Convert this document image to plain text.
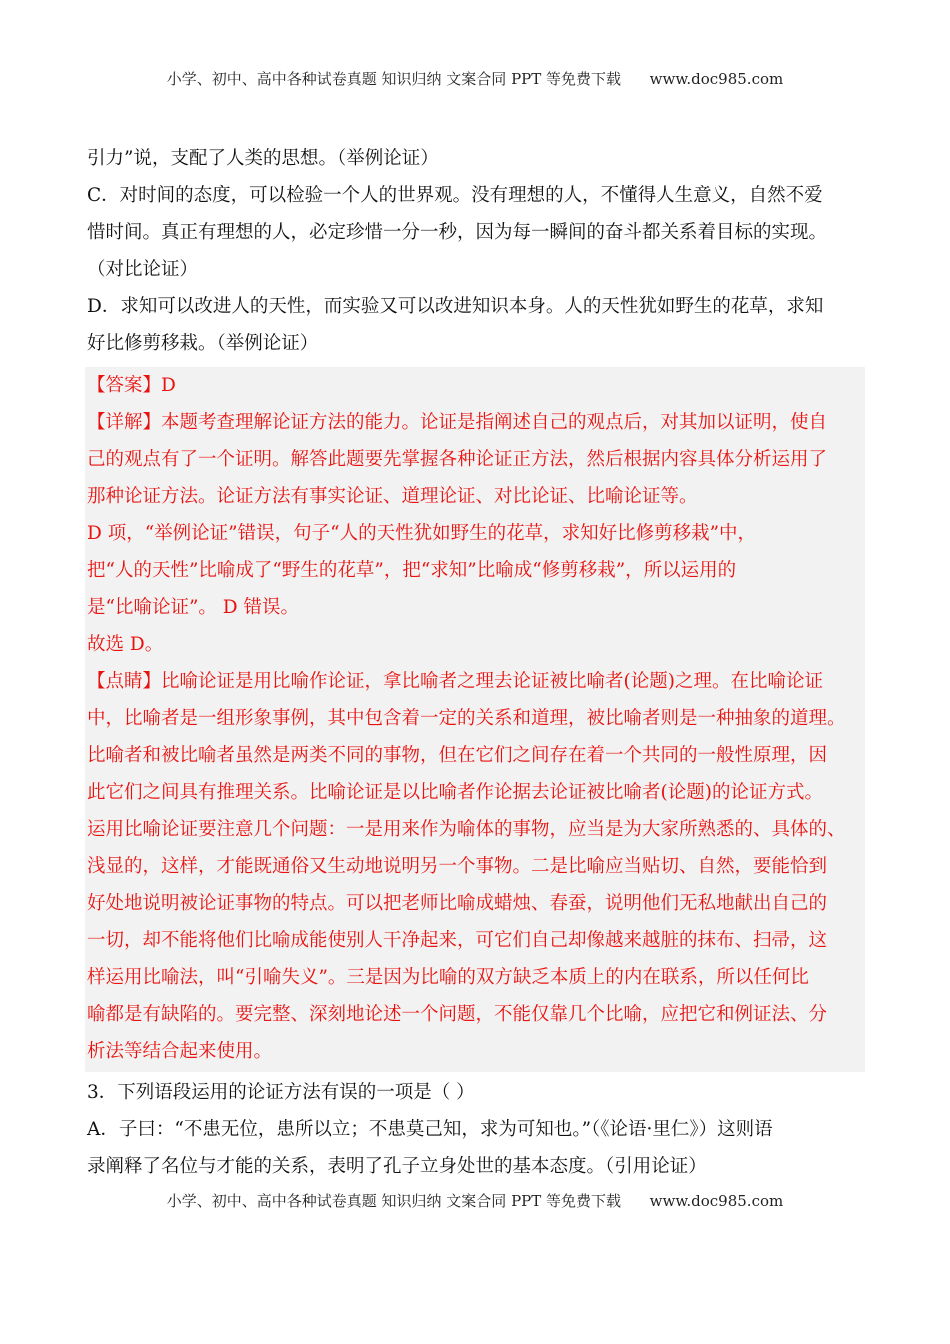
小学、初中、高中各种试卷真题 知识归纳 文案合同 PPT 等免费下载      www.doc985.com
引力”说，支配了人类的思想。（举例论证）
C．对时间的态度，可以检验一个人的世界观。没有理想的人，不懂得人生意义，自然不爱
惜时间。真正有理想的人，必定珍惜一分一秒，因为每一瞬间的奋斗都关系着目标的实现。
（对比论证）
D．求知可以改进人的天性，而实验又可以改进知识本身。人的天性犹如野生的花草，求知
好比修剪移栽。（举例论证）
【答案】D
【详解】本题考查理解论证方法的能力。论证是指阐述自己的观点后，对其加以证明，使自
己的观点有了一个证明。解答此题要先掌握各种论证正方法，然后根据内容具体分析运用了
那种论证方法。论证方法有事实论证、道理论证、对比论证、比喻论证等。
D 项，“举例论证”错误，句子“人的天性犹如野生的花草，求知好比修剪移栽”中，
把“人的天性”比喻成了“野生的花草”，把“求知”比喻成“修剪移栽”，所以运用的
是“比喻论证”。 D 错误。
故选 D。
【点睛】比喻论证是用比喻作论证，拿比喻者之理去论证被比喻者(论题)之理。在比喻论证
中，比喻者是一组形象事例，其中包含着一定的关系和道理，被比喻者则是一种抽象的道理。
比喻者和被比喻者虽然是两类不同的事物，但在它们之间存在着一个共同的一般性原理，因
此它们之间具有推理关系。比喻论证是以比喻者作论据去论证被比喻者(论题)的论证方式。
运用比喻论证要注意几个问题：一是用来作为喻体的事物，应当是为大家所熟悉的、具体的、
浅显的，这样，才能既通俗又生动地说明另一个事物。二是比喻应当贴切、自然，要能恰到
好处地说明被论证事物的特点。可以把老师比喻成蜡烛、春蚕，说明他们无私地献出自己的
一切，却不能将他们比喻成能使别人干净起来，可它们自己却像越来越脏的抹布、扫帚，这
样运用比喻法，叫“引喻失义”。三是因为比喻的双方缺乏本质上的内在联系，所以任何比
喻都是有缺陷的。要完整、深刻地论述一个问题，不能仅靠几个比喻，应把它和例证法、分
析法等结合起来使用。
3．下列语段运用的论证方法有误的一项是（ ）
A．子曰：“不患无位，患所以立；不患莫己知，求为可知也。”（《论语·里仁》）这则语
录阐释了名位与才能的关系，表明了孔子立身处世的基本态度。（引用论证）
小学、初中、高中各种试卷真题 知识归纳 文案合同 PPT 等免费下载      www.doc985.com
